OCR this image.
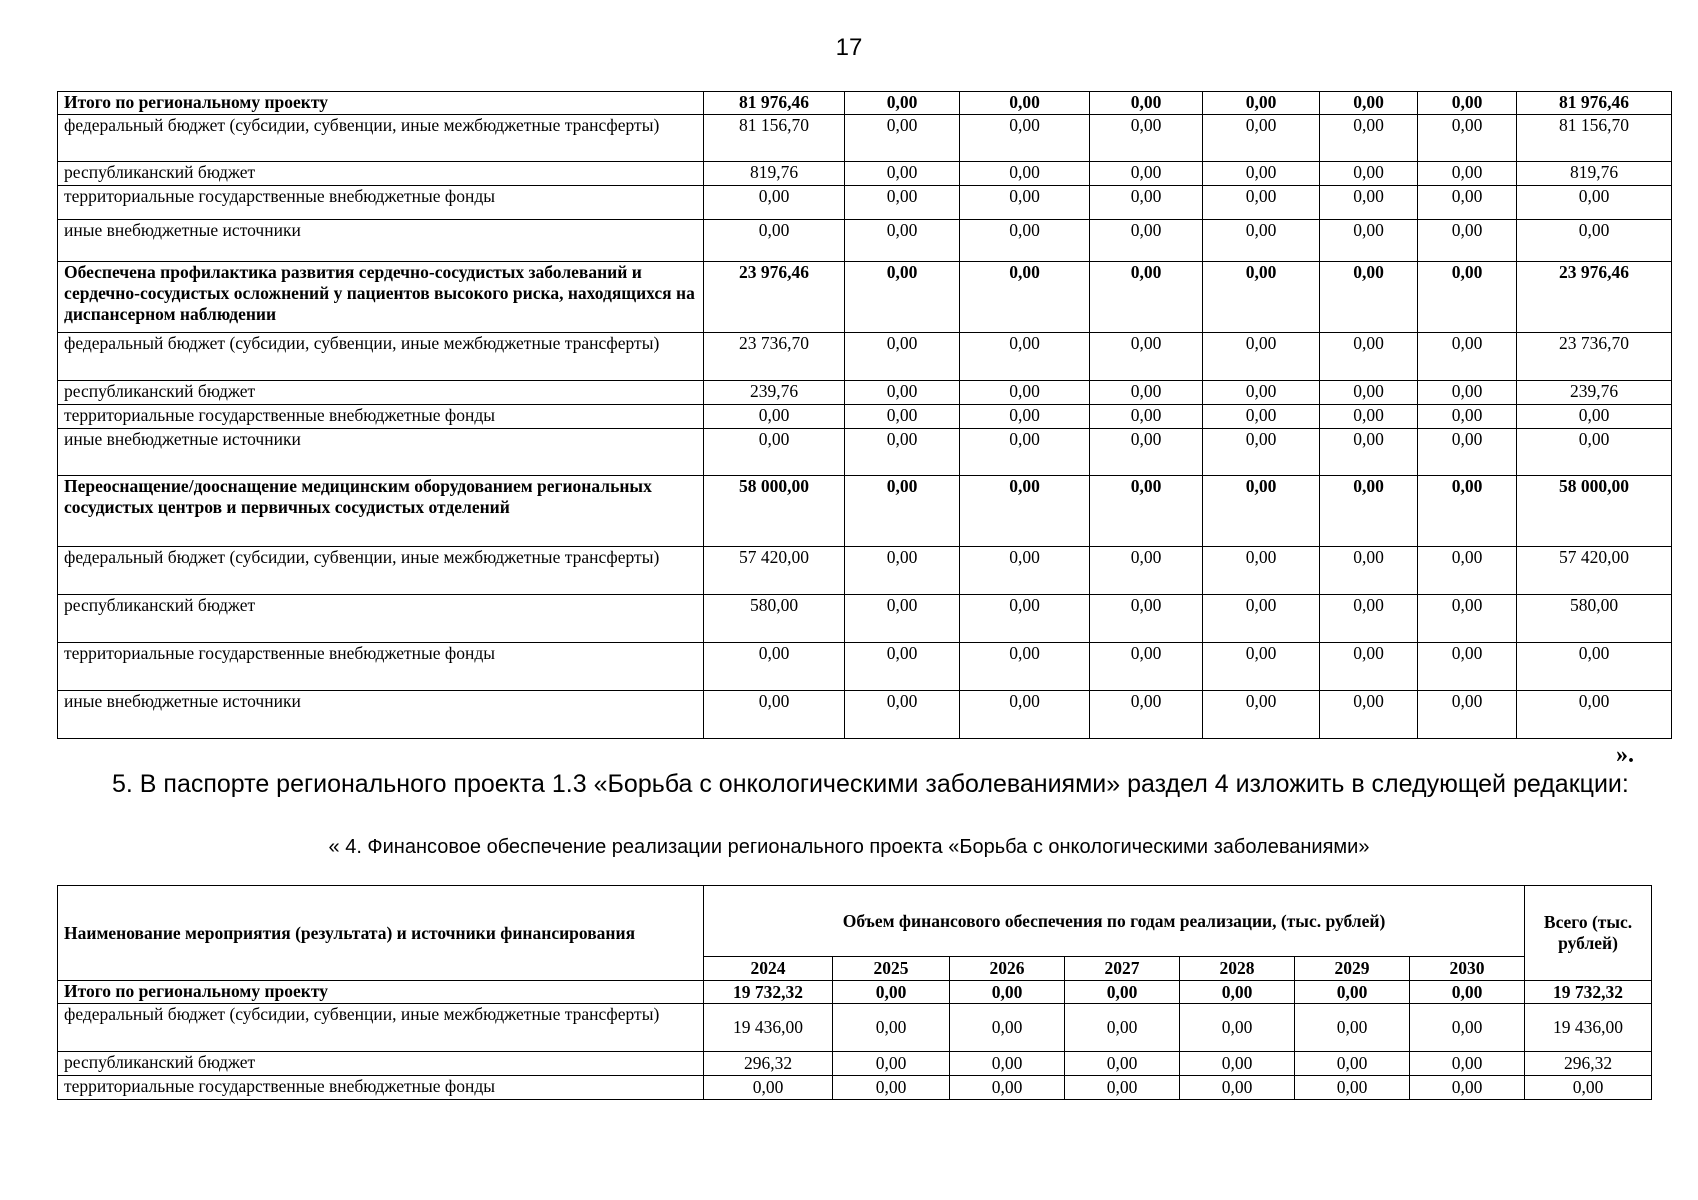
17
Итого по региональному проекту	81 976,46	0,00	0,00	0,00	0,00	0,00	0,00	81 976,46
федеральный бюджет (субсидии, субвенции, иные межбюджетные трансферты)	81 156,70	0,00	0,00	0,00	0,00	0,00	0,00	81 156,70
республиканский бюджет	819,76	0,00	0,00	0,00	0,00	0,00	0,00	819,76
территориальные государственные внебюджетные фонды	0,00	0,00	0,00	0,00	0,00	0,00	0,00	0,00
иные внебюджетные источники	0,00	0,00	0,00	0,00	0,00	0,00	0,00	0,00
Обеспечена профилактика развития сердечно-сосудистых заболеваний и сердечно-сосудистых осложнений у пациентов высокого риска, находящихся на диспансерном наблюдении	23 976,46	0,00	0,00	0,00	0,00	0,00	0,00	23 976,46
федеральный бюджет (субсидии, субвенции, иные межбюджетные трансферты)	23 736,70	0,00	0,00	0,00	0,00	0,00	0,00	23 736,70
республиканский бюджет	239,76	0,00	0,00	0,00	0,00	0,00	0,00	239,76
территориальные государственные внебюджетные фонды	0,00	0,00	0,00	0,00	0,00	0,00	0,00	0,00
иные внебюджетные источники	0,00	0,00	0,00	0,00	0,00	0,00	0,00	0,00
Переоснащение/дооснащение медицинским оборудованием региональных сосудистых центров и первичных сосудистых отделений	58 000,00	0,00	0,00	0,00	0,00	0,00	0,00	58 000,00
федеральный бюджет (субсидии, субвенции, иные межбюджетные трансферты)	57 420,00	0,00	0,00	0,00	0,00	0,00	0,00	57 420,00
республиканский бюджет	580,00	0,00	0,00	0,00	0,00	0,00	0,00	580,00
территориальные государственные внебюджетные фонды	0,00	0,00	0,00	0,00	0,00	0,00	0,00	0,00
иные внебюджетные источники	0,00	0,00	0,00	0,00	0,00	0,00	0,00	0,00
».
5. В паспорте регионального проекта 1.3 «Борьба с онкологическими заболеваниями» раздел 4 изложить в следующей редакции:
« 4. Финансовое обеспечение реализации регионального проекта «Борьба с онкологическими заболеваниями»
Наименование мероприятия (результата) и источники финансирования	Объем финансового обеспечения по годам реализации, (тыс. рублей)							Всего (тыс. рублей)
	2024	2025	2026	2027	2028	2029	2030	
Итого по региональному проекту	19 732,32	0,00	0,00	0,00	0,00	0,00	0,00	19 732,32
федеральный бюджет (субсидии, субвенции, иные межбюджетные трансферты)	19 436,00	0,00	0,00	0,00	0,00	0,00	0,00	19 436,00
республиканский бюджет	296,32	0,00	0,00	0,00	0,00	0,00	0,00	296,32
территориальные государственные внебюджетные фонды	0,00	0,00	0,00	0,00	0,00	0,00	0,00	0,00
